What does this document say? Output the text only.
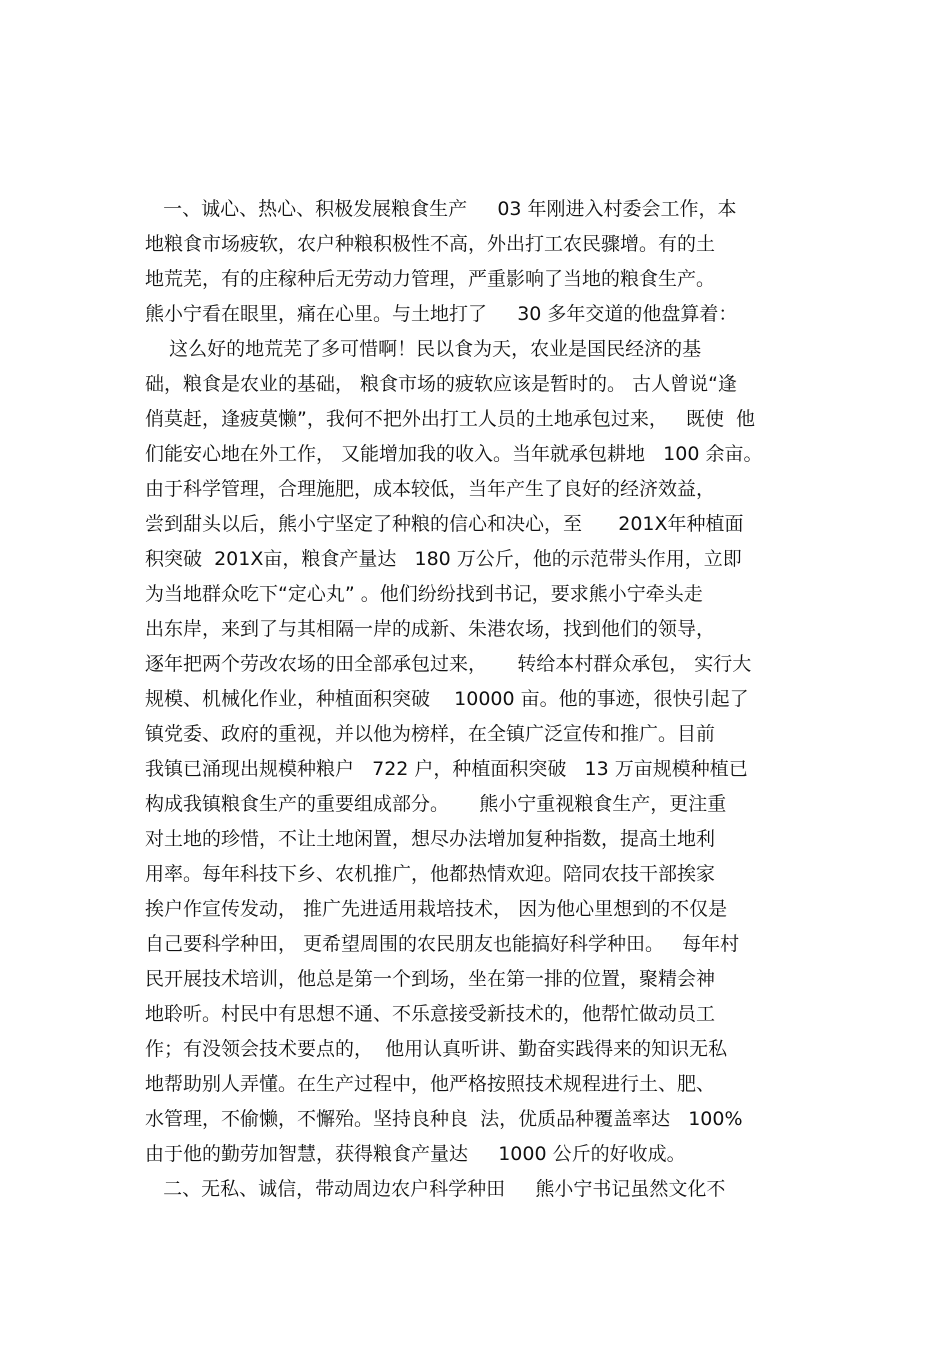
一、诚心、热心、积极发展粮食生产     03 年刚进入村委会工作，本
地粮食市场疲软，农户种粮积极性不高，外出打工农民骤增。有的土
地荒芜，有的庄稼种后无劳动力管理，严重影响了当地的粮食生产。
熊小宁看在眼里，痛在心里。与土地打了     30 多年交道的他盘算着：
这么好的地荒芜了多可惜啊！民以食为天，农业是国民经济的基
础，粮食是农业的基础， 粮食市场的疲软应该是暂时的。 古人曾说“逢
俏莫赶，逢疲莫懒”，我何不把外出打工人员的土地承包过来，   既使  他
们能安心地在外工作， 又能增加我的收入。当年就承包耕地   100 余亩。
由于科学管理，合理施肥，成本较低，当年产生了良好的经济效益，
尝到甜头以后，熊小宁坚定了种粮的信心和决心，至      201X年种植面
积突破  201X亩，粮食产量达   180 万公斤，他的示范带头作用，立即
为当地群众吃下“定心丸” 。他们纷纷找到书记，要求熊小宁牵头走
出东岸，来到了与其相隔一岸的成新、朱港农场，找到他们的领导，
逐年把两个劳改农场的田全部承包过来，     转给本村群众承包， 实行大
规模、机械化作业，种植面积突破    10000 亩。他的事迹，很快引起了
镇党委、政府的重视，并以他为榜样，在全镇广泛宣传和推广。目前
我镇已涌现出规模种粮户   722 户，种植面积突破   13 万亩规模种植已
构成我镇粮食生产的重要组成部分。     熊小宁重视粮食生产，更注重
对土地的珍惜，不让土地闲置，想尽办法增加复种指数，提高土地利
用率。每年科技下乡、农机推广，他都热情欢迎。陪同农技干部挨家
挨户作宣传发动， 推广先进适用栽培技术， 因为他心里想到的不仅是
自己要科学种田， 更希望周围的农民朋友也能搞好科学种田。   每年村
民开展技术培训，他总是第一个到场，坐在第一排的位置，聚精会神
地聆听。村民中有思想不通、不乐意接受新技术的，他帮忙做动员工
作；有没领会技术要点的，  他用认真听讲、勤奋实践得来的知识无私
地帮助别人弄懂。在生产过程中，他严格按照技术规程进行土、肥、
水管理，不偷懒，不懈殆。坚持良种良  法，优质品种覆盖率达   100%
由于他的勤劳加智慧，获得粮食产量达     1000 公斤的好收成。
二、无私、诚信，带动周边农户科学种田     熊小宁书记虽然文化不
